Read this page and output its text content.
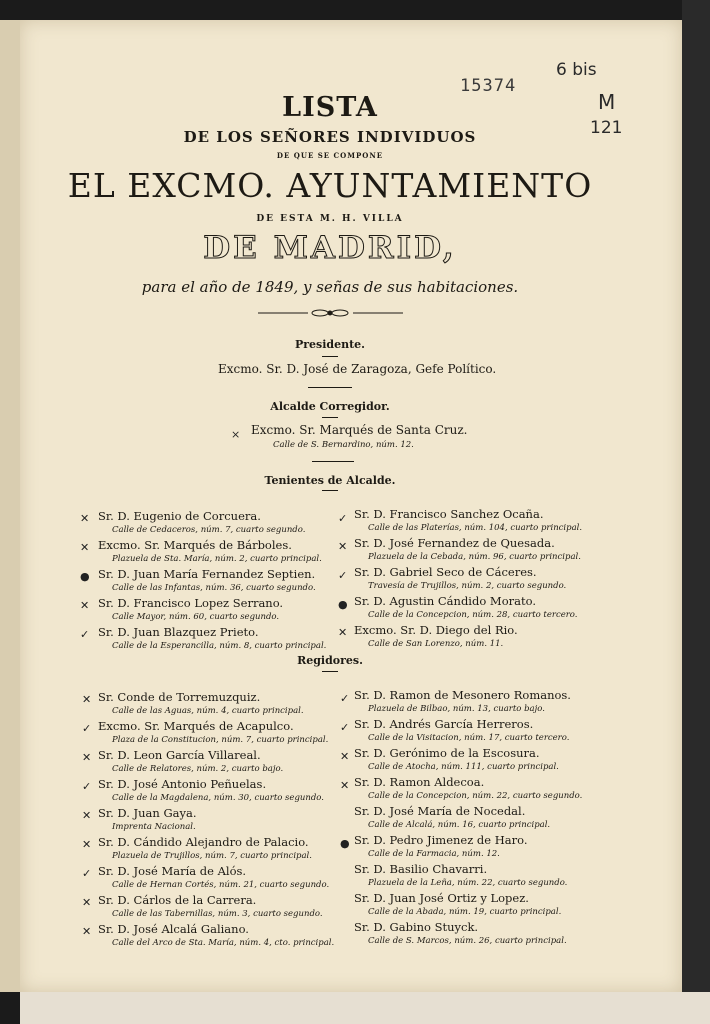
15374
6 bis
M
121
LISTA
DE LOS SEÑORES INDIVIDUOS
DE QUE SE COMPONE
EL EXCMO. AYUNTAMIENTO
DE ESTA M. H. VILLA
DE MADRID,
para el año de 1849, y señas de sus habitaciones.
Presidente.
Excmo. Sr. D. José de Zaragoza, Gefe Político.
Alcalde Corregidor.
⨯ Excmo. Sr. Marqués de Santa Cruz.
Calle de S. Bernardino, núm. 12.
Tenientes de Alcalde.
✕ Sr. D. Eugenio de Corcuera.
Calle de Cedaceros, núm. 7, cuarto segundo.
✕ Excmo. Sr. Marqués de Bárboles.
Plazuela de Sta. María, núm. 2, cuarto principal.
● Sr. D. Juan María Fernandez Septien.
Calle de las Infantas, núm. 36, cuarto segundo.
✕ Sr. D. Francisco Lopez Serrano.
Calle Mayor, núm. 60, cuarto segundo.
✓ Sr. D. Juan Blazquez Prieto.
Calle de la Esperancilla, núm. 8, cuarto principal.
✓ Sr. D. Francisco Sanchez Ocaña.
Calle de las Platerías, núm. 104, cuarto principal.
✕ Sr. D. José Fernandez de Quesada.
Plazuela de la Cebada, núm. 96, cuarto principal.
✓ Sr. D. Gabriel Seco de Cáceres.
Travesía de Trujillos, núm. 2, cuarto segundo.
● Sr. D. Agustin Cándido Morato.
Calle de la Concepcion, núm. 28, cuarto tercero.
✕ Excmo. Sr. D. Diego del Rio.
Calle de San Lorenzo, núm. 11.
Regidores.
✕ Sr. Conde de Torremuzquiz.
Calle de las Aguas, núm. 4, cuarto principal.
✓ Excmo. Sr. Marqués de Acapulco.
Plaza de la Constitucion, núm. 7, cuarto principal.
✕ Sr. D. Leon García Villareal.
Calle de Relatores, núm. 2, cuarto bajo.
✓ Sr. D. José Antonio Peñuelas.
Calle de la Magdalena, núm. 30, cuarto segundo.
✕ Sr. D. Juan Gaya.
Imprenta Nacional.
✕ Sr. D. Cándido Alejandro de Palacio.
Plazuela de Trujillos, núm. 7, cuarto principal.
✓ Sr. D. José María de Alós.
Calle de Hernan Cortés, núm. 21, cuarto segundo.
✕ Sr. D. Cárlos de la Carrera.
Calle de las Tabernillas, núm. 3, cuarto segundo.
✕ Sr. D. José Alcalá Galiano.
Calle del Arco de Sta. María, núm. 4, cto. principal.
✓ Sr. D. Ramon de Mesonero Romanos.
Plazuela de Bilbao, núm. 13, cuarto bajo.
✓ Sr. D. Andrés García Herreros.
Calle de la Visitacion, núm. 17, cuarto tercero.
✕ Sr. D. Gerónimo de la Escosura.
Calle de Atocha, núm. 111, cuarto principal.
✕ Sr. D. Ramon Aldecoa.
Calle de la Concepcion, núm. 22, cuarto segundo.
Sr. D. José María de Nocedal.
Calle de Alcalá, núm. 16, cuarto principal.
● Sr. D. Pedro Jimenez de Haro.
Calle de la Farmacia, núm. 12.
Sr. D. Basilio Chavarri.
Plazuela de la Leña, núm. 22, cuarto segundo.
Sr. D. Juan José Ortiz y Lopez.
Calle de la Abada, núm. 19, cuarto principal.
Sr. D. Gabino Stuyck.
Calle de S. Marcos, núm. 26, cuarto principal.
